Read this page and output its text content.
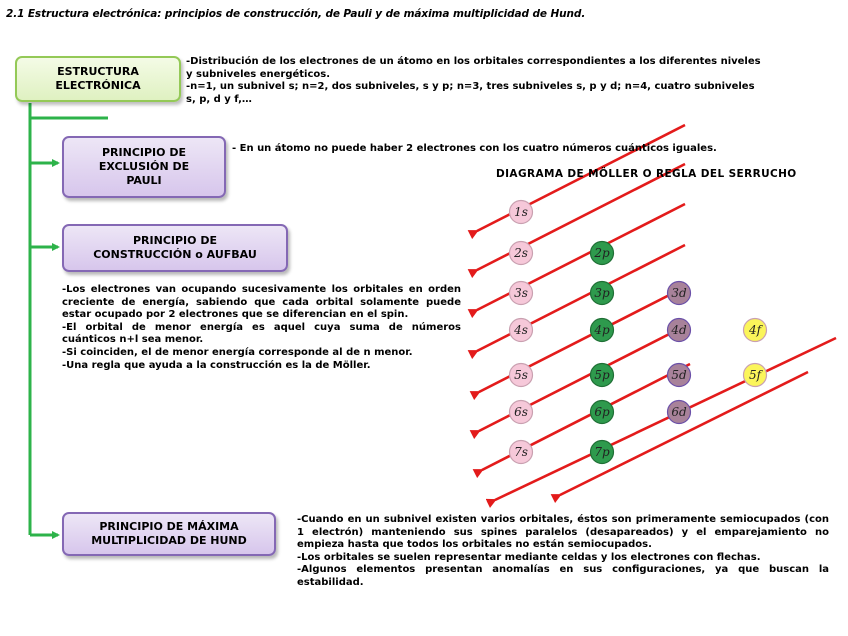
1s
2s
3s
4s
5s
6s
7s
2p
3p
4p
5p
6p
7p
3d
4d
5d
6d
4f
5f
2.1 Estructura electrónica: principios de construcción, de Pauli y de máxima multiplicidad de Hund.
ESTRUCTURA
ELECTRÓNICA
-Distribución de los electrones de un átomo en los orbitales correspondientes a los diferentes niveles
y subniveles energéticos.
-n=1, un subnivel s; n=2, dos subniveles, s y p; n=3, tres subniveles s, p y d; n=4, cuatro subniveles
s, p, d y f,…
PRINCIPIO DE
EXCLUSIÓN DE
PAULI
- En un átomo no puede haber 2 electrones con los cuatro números cuánticos iguales.
DIAGRAMA DE MÖLLER O REGLA DEL SERRUCHO
PRINCIPIO DE
CONSTRUCCIÓN o AUFBAU
-Los electrones van ocupando sucesivamente los orbitales en orden creciente de energía, sabiendo que cada orbital solamente puede estar ocupado por 2 electrones que se diferencian en el spin.
-El orbital de menor energía es aquel cuya suma de números cuánticos n+l sea menor.
-Si coinciden, el de menor energía corresponde al de n menor.
-Una regla que ayuda a la construcción es la de Möller.
PRINCIPIO DE MÁXIMA
MULTIPLICIDAD DE HUND
-Cuando en un subnivel existen varios orbitales, éstos son primeramente semiocupados (con 1 electrón) manteniendo sus spines paralelos (desapareados) y el emparejamiento no empieza hasta que todos los orbitales no están semiocupados.
-Los orbitales se suelen representar mediante celdas y los electrones con flechas.
-Algunos elementos presentan anomalías en sus configuraciones, ya que buscan la estabilidad.
